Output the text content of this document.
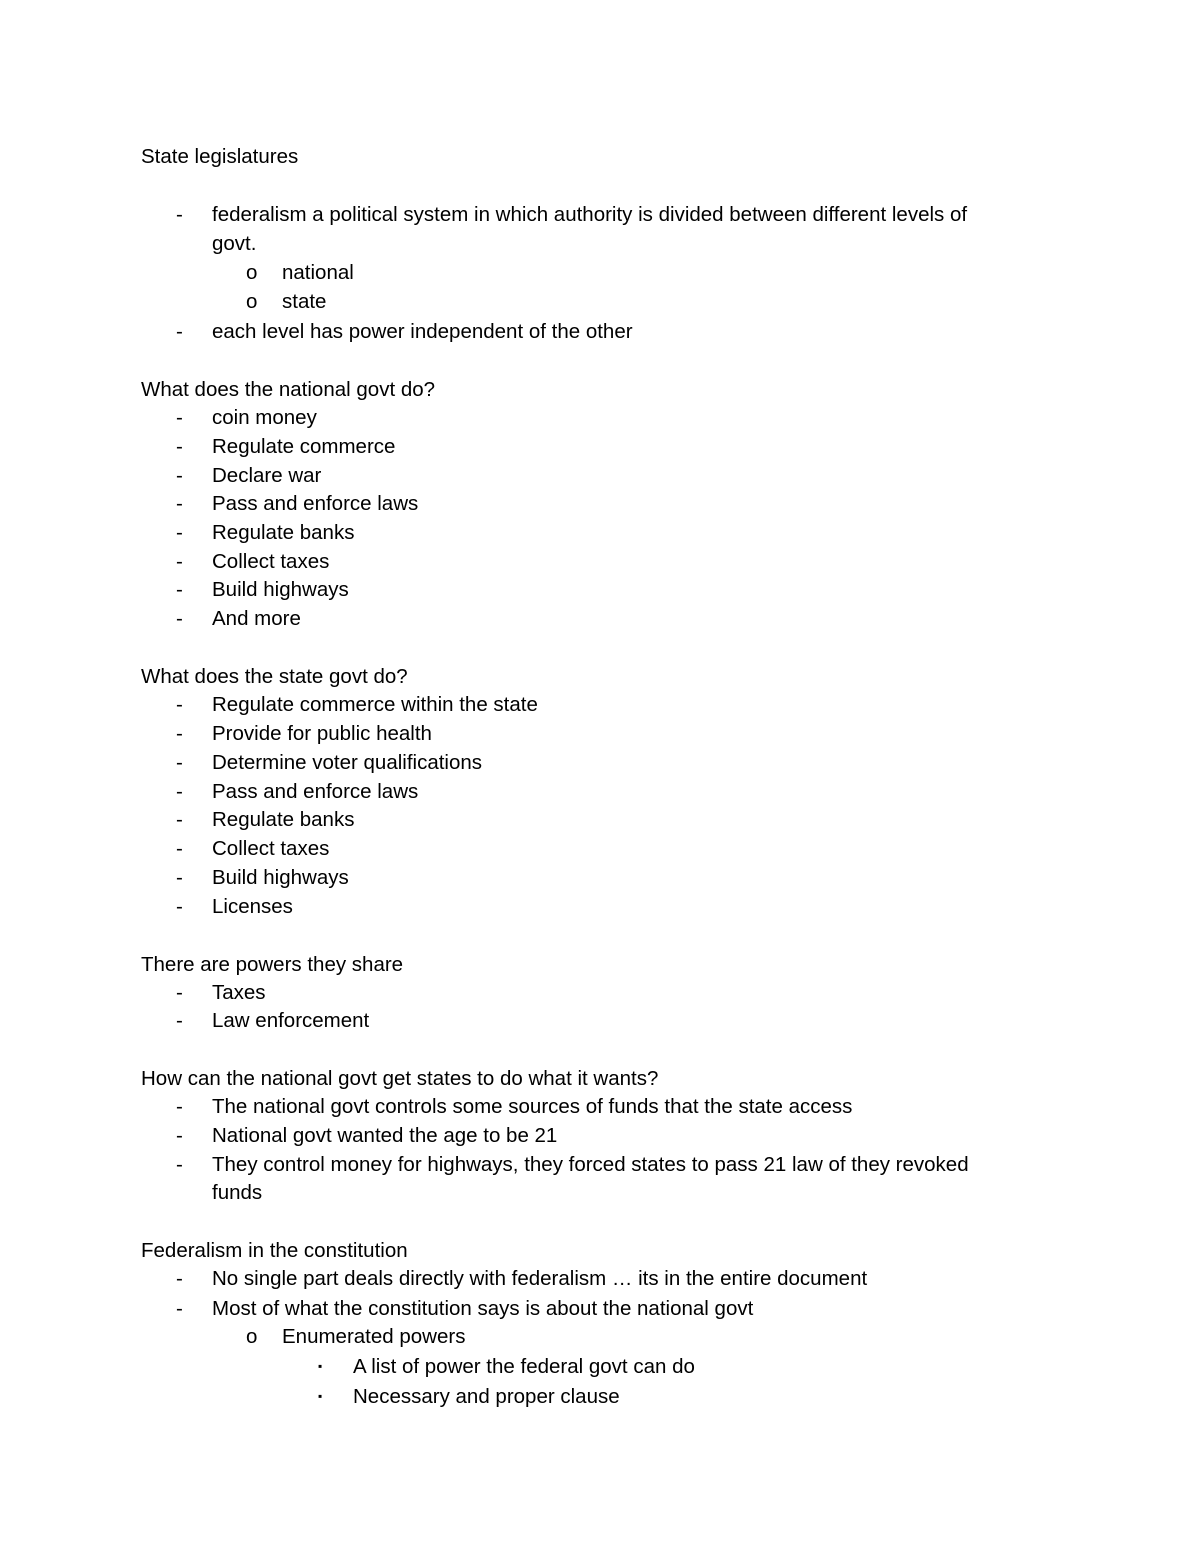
State legislatures
- federalism a political system in which authority is divided between different levels of
govt.
o national
o state
- each level has power independent of the other
What does the national govt do?
- coin money
- Regulate commerce
- Declare war
- Pass and enforce laws
- Regulate banks
- Collect taxes
- Build highways
- And more
What does the state govt do?
- Regulate commerce within the state
- Provide for public health
- Determine voter qualifications
- Pass and enforce laws
- Regulate banks
- Collect taxes
- Build highways
- Licenses
There are powers they share
- Taxes
- Law enforcement
How can the national govt get states to do what it wants?
- The national govt controls some sources of funds that the state access
- National govt wanted the age to be 21
- They control money for highways, they forced states to pass 21 law of they revoked
funds
Federalism in the constitution
- No single part deals directly with federalism … its in the entire document
- Most of what the constitution says is about the national govt
o Enumerated powers
▪ A list of power the federal govt can do
▪ Necessary and proper clause
